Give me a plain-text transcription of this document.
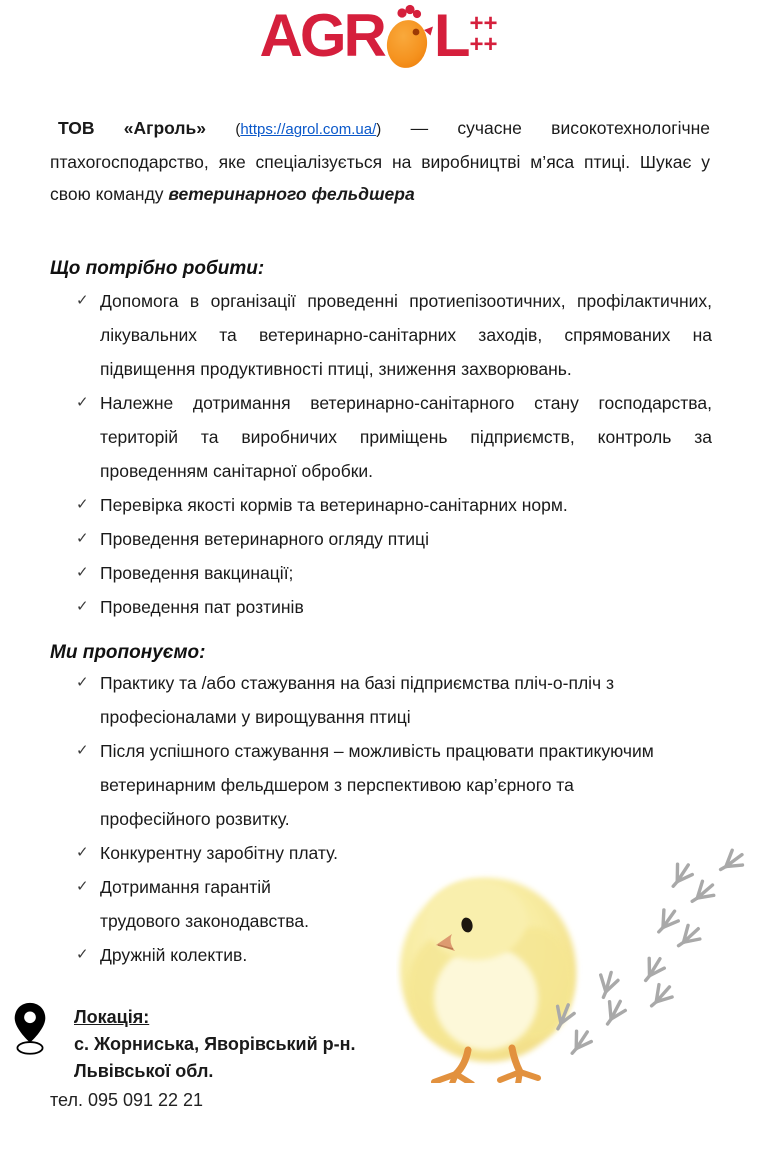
AGR L ++
++
ТОВ «Агроль» (https://agrol.com.ua/) — сучасне високотехнологічне
птахогосподарство, яке спеціалізується на виробництві м’яса птиці. Шукає у
свою команду ветеринарного фельдшера
Що потрібно робити:
✓ Допомога в організації проведенні протиепізоотичних, профілактичних,
лікувальних та ветеринарно-санітарних заходів, спрямованих на
підвищення продуктивності птиці, зниження захворювань.
✓ Належне дотримання ветеринарно-санітарного стану господарства,
територій та виробничих приміщень підприємств, контроль за
проведенням санітарної обробки.
✓ Перевірка якості кормів та ветеринарно-санітарних норм.
✓ Проведення ветеринарного огляду птиці
✓ Проведення вакцинації;
✓ Проведення пат розтинів
Ми пропонуємо:
✓ Практику та /або стажування на базі підприємства пліч-о-пліч з
професіоналами у вирощування птиці
✓ Після успішного стажування – можливість працювати практикуючим
ветеринарним фельдшером з перспективою кар’єрного та
професійного розвитку.
✓ Конкурентну заробітну плату.
✓ Дотримання гарантій
трудового законодавства.
✓ Дружній колектив.
Локація:
с. Жорниська, Яворівський р-н.
Львівської обл.
тел. 095 091 22 21
